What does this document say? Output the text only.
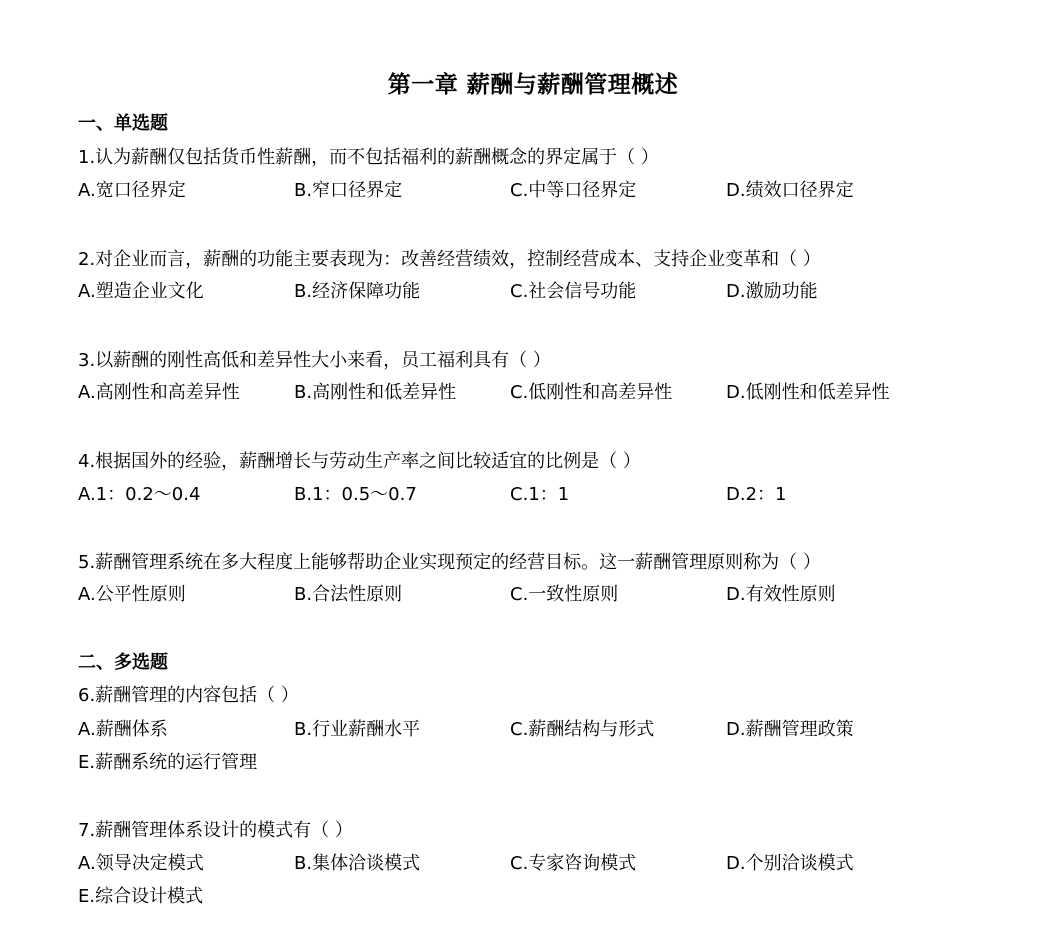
第一章 薪酬与薪酬管理概述
一、单选题
1.认为薪酬仅包括货币性薪酬，而不包括福利的薪酬概念的界定属于（ ）
A.宽口径界定	B.窄口径界定	C.中等口径界定	D.绩效口径界定
2.对企业而言，薪酬的功能主要表现为：改善经营绩效，控制经营成本、支持企业变革和（ ）
A.塑造企业文化	B.经济保障功能	C.社会信号功能	D.激励功能
3.以薪酬的刚性高低和差异性大小来看，员工福利具有（ ）
A.高刚性和高差异性	B.高刚性和低差异性	C.低刚性和高差异性	D.低刚性和低差异性
4.根据国外的经验，薪酬增长与劳动生产率之间比较适宜的比例是（ ）
A.1：0.2～0.4	B.1：0.5～0.7	C.1：1	D.2：1
5.薪酬管理系统在多大程度上能够帮助企业实现预定的经营目标。这一薪酬管理原则称为（ ）
A.公平性原则	B.合法性原则	C.一致性原则	D.有效性原则
二、多选题
6.薪酬管理的内容包括（ ）
A.薪酬体系	B.行业薪酬水平	C.薪酬结构与形式	D.薪酬管理政策
E.薪酬系统的运行管理
7.薪酬管理体系设计的模式有（ ）
A.领导决定模式	B.集体洽谈模式	C.专家咨询模式	D.个别洽谈模式
E.综合设计模式
